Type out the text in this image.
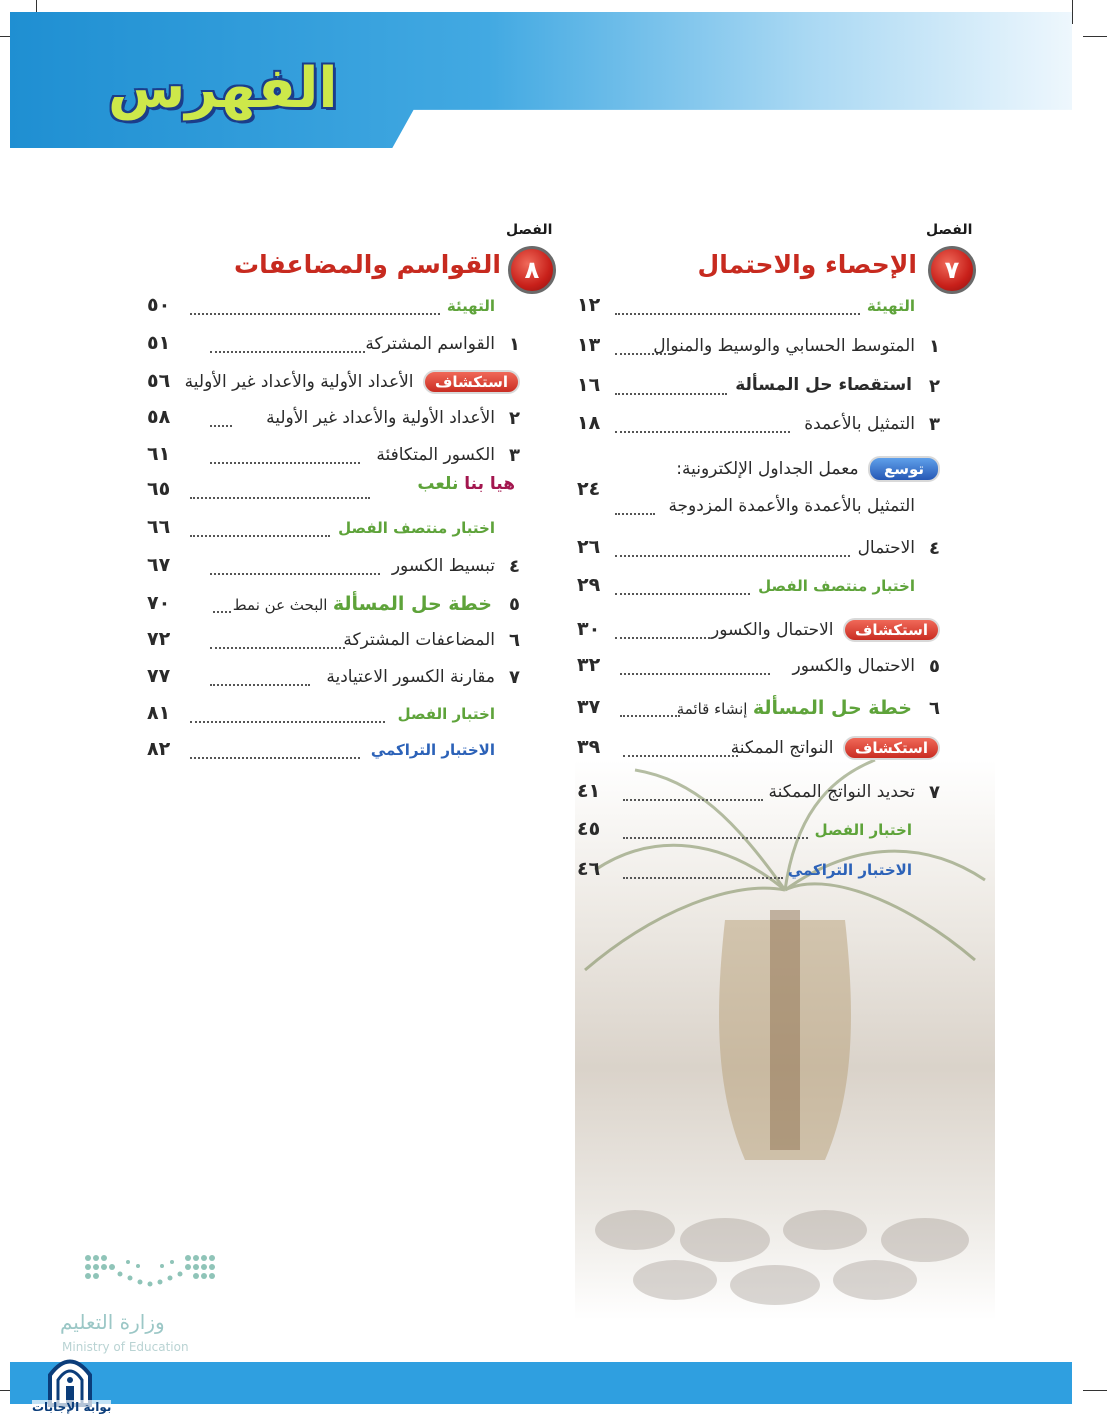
الفهرس
الفصل
٧
الإحصاء والاحتمال
التهيئة
١٢
١
المتوسط الحسابي والوسيط والمنوال
١٣
٢
استقصاء حل المسألة
١٦
٣
التمثيل بالأعمدة
١٨
توسع معمل الجداول الإلكترونية:
التمثيل بالأعمدة والأعمدة المزدوجة
٢٤
٤
الاحتمال
٢٦
اختبار منتصف الفصل
٢٩
استكشاف الاحتمال والكسور
٣٠
٥
الاحتمال والكسور
٣٢
٦
خطة حل المسألة إنشاء قائمة
٣٧
استكشاف النواتج الممكنة
٣٩
٧
تحديد النواتج الممكنة
٤١
اختبار الفصل
٤٥
الاختبار التراكمي
٤٦
الفصل
٨
القواسم والمضاعفات
التهيئة
٥٠
١
القواسم المشتركة
٥١
استكشاف الأعداد الأولية والأعداد غير الأولية
٥٦
٢
الأعداد الأولية والأعداد غير الأولية
٥٨
٣
الكسور المتكافئة
٦١
هيا بنا نلعب
٦٥
اختبار منتصف الفصل
٦٦
٤
تبسيط الكسور
٦٧
٥
خطة حل المسألة البحث عن نمط
٧٠
٦
المضاعفات المشتركة
٧٢
٧
مقارنة الكسور الاعتيادية
٧٧
اختبار الفصل
٨١
الاختبار التراكمي
٨٢
وزارة التعليم
Ministry of Education
بوابة الإجابات
